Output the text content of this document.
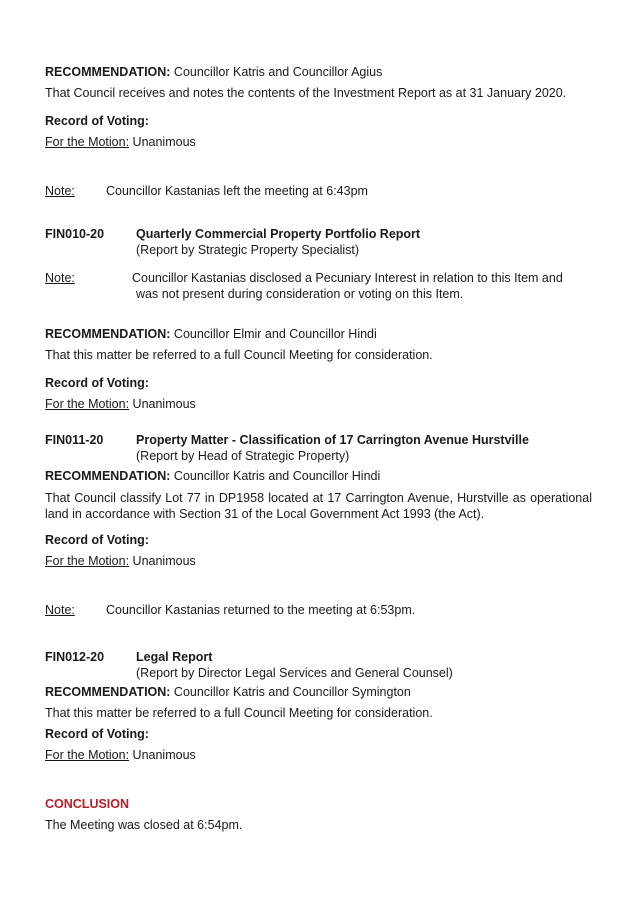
RECOMMENDATION: Councillor Katris and Councillor Agius
That Council receives and notes the contents of the Investment Report as at 31 January 2020.
Record of Voting:
For the Motion: Unanimous
Note: Councillor Kastanias left the meeting at 6:43pm
FIN010-20	Quarterly Commercial Property Portfolio Report
(Report by Strategic Property Specialist)
Note:	Councillor Kastanias disclosed a Pecuniary Interest in relation to this Item and
was not present during consideration or voting on this Item.
RECOMMENDATION: Councillor Elmir and Councillor Hindi
That this matter be referred to a full Council Meeting for consideration.
Record of Voting:
For the Motion: Unanimous
FIN011-20	Property Matter - Classification of 17 Carrington Avenue Hurstville
(Report by Head of Strategic Property)
RECOMMENDATION: Councillor Katris and Councillor Hindi
That Council classify Lot 77 in DP1958 located at 17 Carrington Avenue, Hurstville as operational land in accordance with Section 31 of the Local Government Act 1993 (the Act).
Record of Voting:
For the Motion: Unanimous
Note: Councillor Kastanias returned to the meeting at 6:53pm.
FIN012-20	Legal Report
(Report by Director Legal Services and General Counsel)
RECOMMENDATION: Councillor Katris and Councillor Symington
That this matter be referred to a full Council Meeting for consideration.
Record of Voting:
For the Motion: Unanimous
CONCLUSION
The Meeting was closed at 6:54pm.
